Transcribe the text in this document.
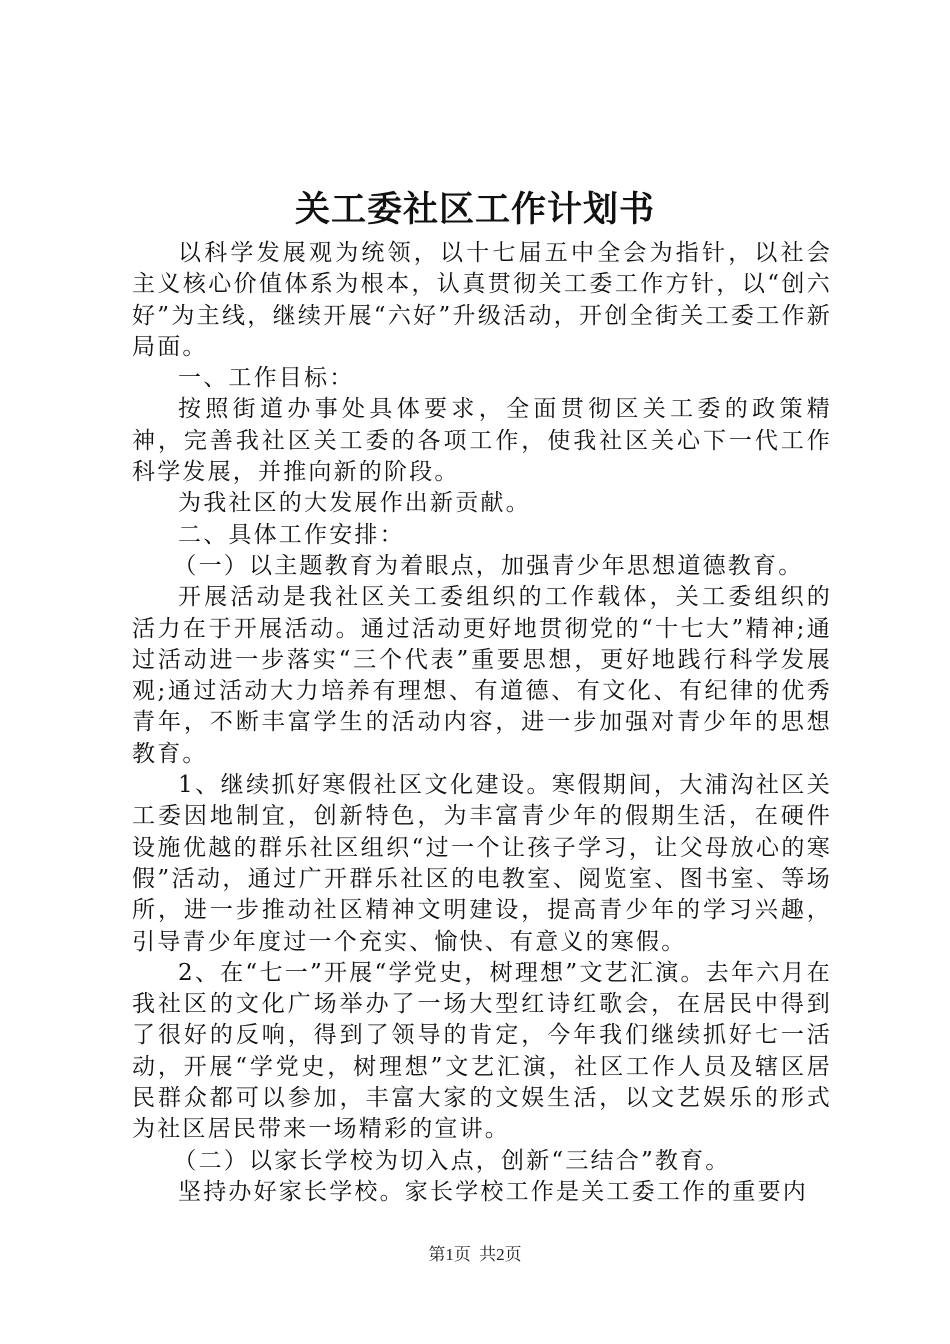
关工委社区工作计划书

以科学发展观为统领，以十七届五中全会为指针，以社会主义核心价值体系为根本，认真贯彻关工委工作方针，以“创六好”为主线，继续开展“六好”升级活动，开创全街关工委工作新局面。

一、工作目标：

按照街道办事处具体要求，全面贯彻区关工委的政策精神，完善我社区关工委的各项工作，使我社区关心下一代工作科学发展，并推向新的阶段。

为我社区的大发展作出新贡献。

二、具体工作安排：

（一）以主题教育为着眼点，加强青少年思想道德教育。

开展活动是我社区关工委组织的工作载体，关工委组织的活力在于开展活动。通过活动更好地贯彻党的“十七大”精神;通过活动进一步落实“三个代表”重要思想，更好地践行科学发展观;通过活动大力培养有理想、有道德、有文化、有纪律的优秀青年，不断丰富学生的活动内容，进一步加强对青少年的思想教育。

1、继续抓好寒假社区文化建设。寒假期间，大浦沟社区关工委因地制宜，创新特色，为丰富青少年的假期生活，在硬件设施优越的群乐社区组织“过一个让孩子学习，让父母放心的寒假”活动，通过广开群乐社区的电教室、阅览室、图书室、等场所，进一步推动社区精神文明建设，提高青少年的学习兴趣，引导青少年度过一个充实、愉快、有意义的寒假。

2、在“七一”开展“学党史，树理想”文艺汇演。去年六月在我社区的文化广场举办了一场大型红诗红歌会，在居民中得到了很好的反响，得到了领导的肯定，今年我们继续抓好七一活动，开展“学党史，树理想”文艺汇演，社区工作人员及辖区居民群众都可以参加，丰富大家的文娱生活，以文艺娱乐的形式为社区居民带来一场精彩的宣讲。

（二）以家长学校为切入点，创新“三结合”教育。

坚持办好家长学校。家长学校工作是关工委工作的重要内

第1页 共2页
